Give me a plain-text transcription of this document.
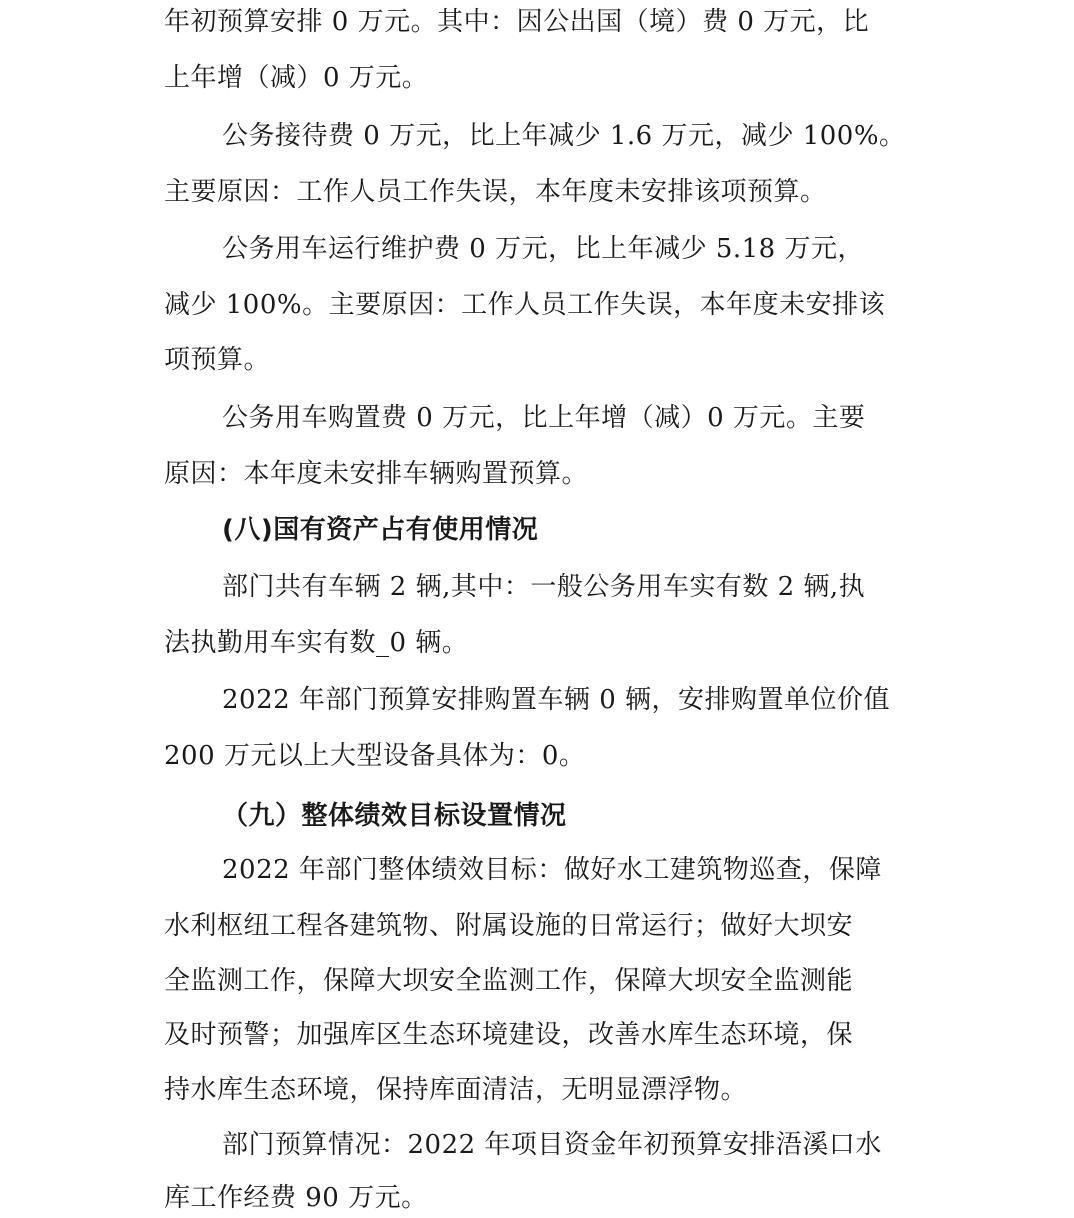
年初预算安排 0 万元。其中：因公出国（境）费 0 万元，比
上年增（减）0 万元。
公务接待费 0 万元，比上年减少 1.6 万元，减少 100%。
主要原因：工作人员工作失误，本年度未安排该项预算。
公务用车运行维护费 0 万元，比上年减少 5.18 万元，
减少 100%。主要原因：工作人员工作失误，本年度未安排该
项预算。
公务用车购置费 0 万元，比上年增（减）0 万元。主要
原因：本年度未安排车辆购置预算。
(八)国有资产占有使用情况
部门共有车辆 2 辆,其中：一般公务用车实有数 2 辆,执
法执勤用车实有数_0 辆。
2022 年部门预算安排购置车辆 0 辆，安排购置单位价值
200 万元以上大型设备具体为：0。
（九）整体绩效目标设置情况
2022 年部门整体绩效目标：做好水工建筑物巡查，保障
水利枢纽工程各建筑物、附属设施的日常运行；做好大坝安
全监测工作，保障大坝安全监测工作，保障大坝安全监测能
及时预警；加强库区生态环境建设，改善水库生态环境，保
持水库生态环境，保持库面清洁，无明显漂浮物。
部门预算情况：2022 年项目资金年初预算安排浯溪口水
库工作经费 90 万元。
